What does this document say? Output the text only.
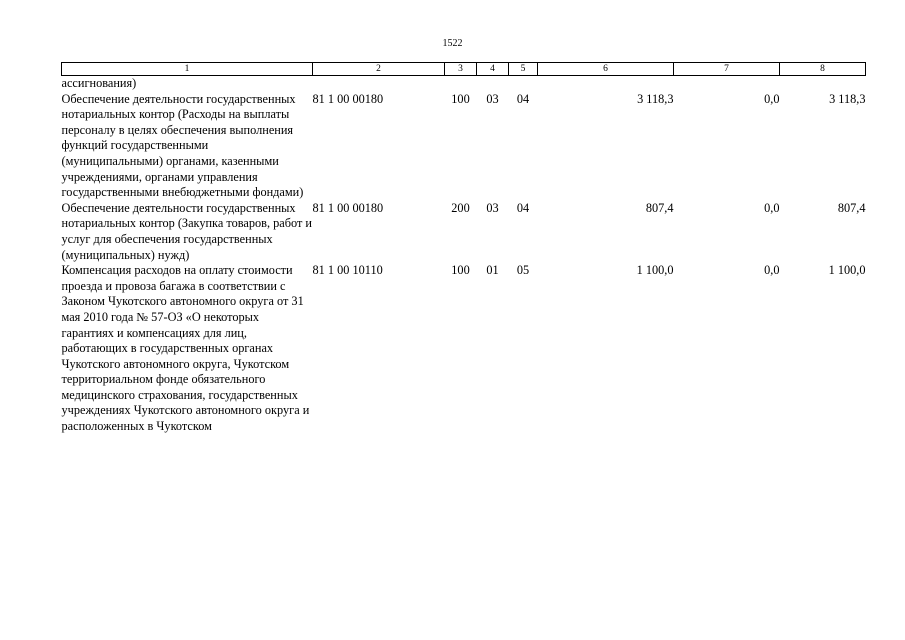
1522
1	2	3	4	5	6	7	8
ассигнования)							
Обеспечение деятельности государственных нотариальных контор (Расходы на выплаты персоналу в целях обеспечения выполнения функций государственными (муниципальными) органами, казенными учреждениями, органами управления государственными внебюджетными фондами)	81 1 00 00180	100	03	04	3 118,3	0,0	3 118,3
Обеспечение деятельности государственных нотариальных контор (Закупка товаров, работ и услуг для обеспечения государственных (муниципальных) нужд)	81 1 00 00180	200	03	04	807,4	0,0	807,4
Компенсация расходов на оплату стоимости проезда и провоза багажа в соответствии с Законом Чукотского автономного округа от 31 мая 2010 года № 57-ОЗ «О некоторых гарантиях и компенсациях для лиц, работающих в государственных органах Чукотского автономного округа, Чукотском территориальном фонде обязательного медицинского страхования, государственных учреждениях Чукотского автономного округа и расположенных в Чукотском	81 1 00 10110	100	01	05	1 100,0	0,0	1 100,0
